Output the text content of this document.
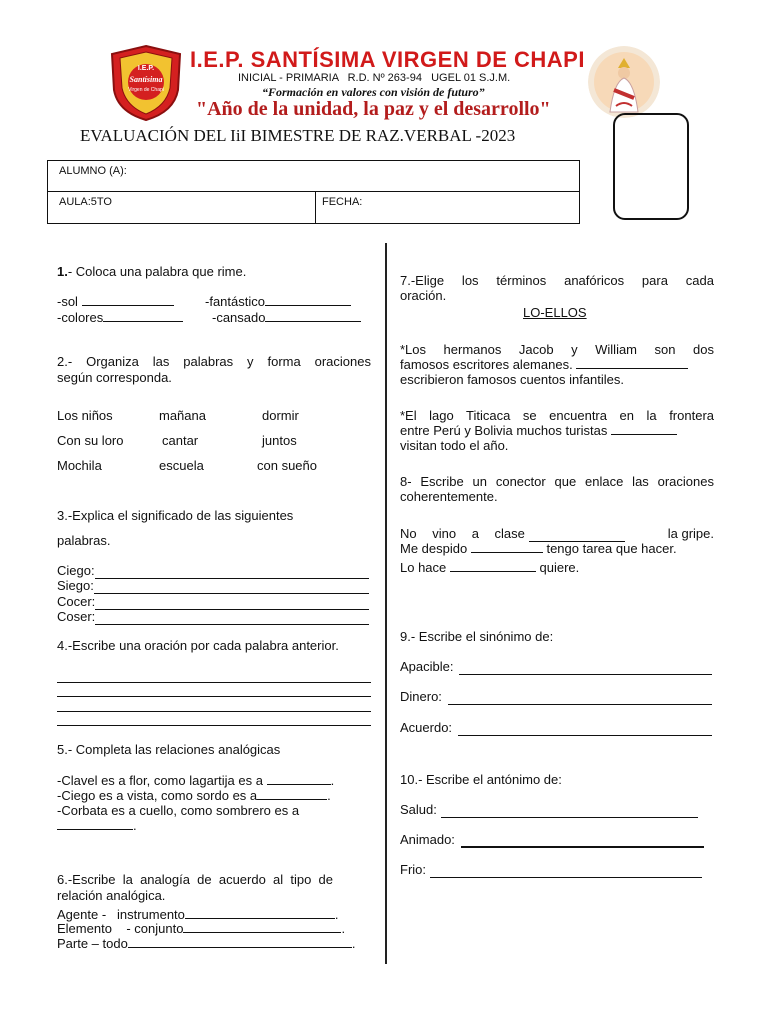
I.E.P.
Santísima
Virgen de Chapi
I.E.P. SANTÍSIMA VIRGEN DE CHAPI
INICIAL - PRIMARIA   R.D. Nº 263-94   UGEL 01 S.J.M.
“Formación en valores con visión de futuro”
"Año de la unidad, la paz y el desarrollo"
EVALUACIÓN DEL IiI BIMESTRE DE RAZ.VERBAL -2023
ALUMNO (A):
AULA:5TO	FECHA:
1.- Coloca una palabra que rime.
-sol	-fantástico
-colores	-cansado
2.- Organiza las palabras y forma oraciones
según corresponda.
Los niños	mañana	dormir
Con su loro	cantar	juntos
Mochila	escuela	con sueño
3.-Explica el significado de las siguientes
palabras.
Ciego:
Siego:
Cocer:
Coser:
4.-Escribe una oración por cada palabra anterior.
5.- Completa las relaciones analógicas
-Clavel es a flor, como lagartija es a	.
-Ciego es a vista, como sordo es a	.
-Corbata es a cuello, como sombrero es a
.
6.-Escribe la analogía de acuerdo al tipo de
relación analógica.
Agente -   instrumento	.
Elemento    - conjunto	.
Parte – todo	.
7.-Elige los términos anafóricos para cada
oración.
LO-ELLOS
*Los hermanos Jacob y William son dos
famosos escritores alemanes.
escribieron famosos cuentos infantiles.
*El lago Titicaca se encuentra en la frontera
entre Perú y Bolivia muchos turistas
visitan todo el año.
8- Escribe un conector que enlace las oraciones
coherentemente.
No vino a clase	la gripe.
Me despido	tengo tarea que hacer.
Lo hace	quiere.
9.- Escribe el sinónimo de:
Apacible:
Dinero:
Acuerdo:
10.- Escribe el antónimo de:
Salud:
Animado:
Frio:
